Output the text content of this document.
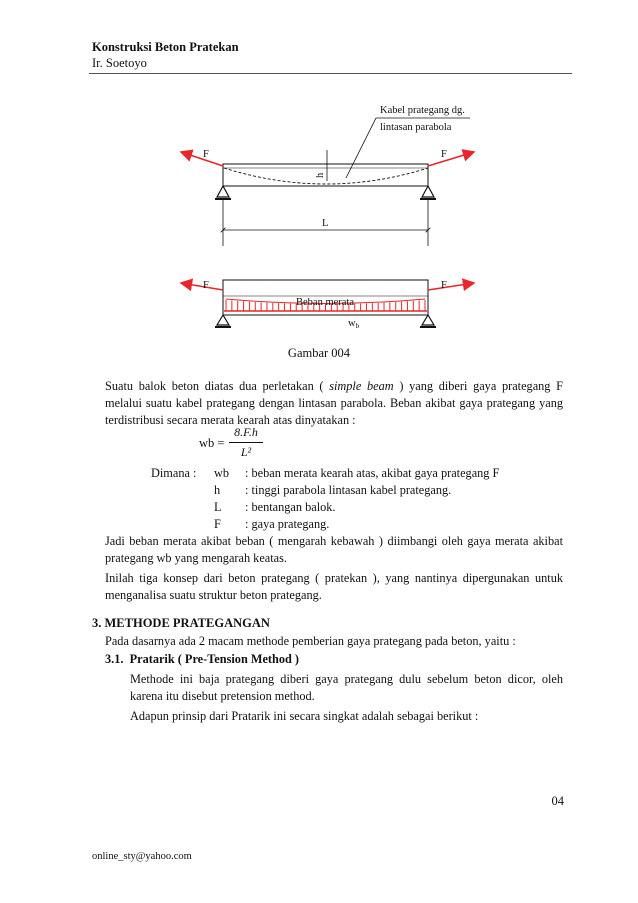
Konstruksi Beton Pratekan
Ir. Soetoyo
Kabel prategang dg.
lintasan parabola
h
F	F
L
F	F
Beban merata
wb
Gambar 004
Suatu balok beton diatas dua perletakan ( simple beam ) yang diberi gaya prategang F melalui suatu kabel prategang dengan lintasan parabola. Beban akibat gaya prategang yang terdistribusi secara merata kearah atas dinyatakan :
wb =
8.F.h
L²
Dimana : wb : beban merata kearah atas, akibat gaya prategang F
h : tinggi parabola lintasan kabel prategang.
L : bentangan balok.
F : gaya prategang.
Jadi beban merata akibat beban ( mengarah kebawah ) diimbangi oleh gaya merata akibat prategang wb yang mengarah keatas.
Inilah tiga konsep dari beton prategang ( pratekan ), yang nantinya dipergunakan untuk menganalisa suatu struktur beton prategang.
3. METHODE PRATEGANGAN
Pada dasarnya ada 2 macam methode pemberian gaya prategang pada beton, yaitu :
3.1. Pratarik ( Pre-Tension Method )
Methode ini baja prategang diberi gaya prategang dulu sebelum beton dicor, oleh karena itu disebut pretension method.
Adapun prinsip dari Pratarik ini secara singkat adalah sebagai berikut :
04
online_sty@yahoo.com
